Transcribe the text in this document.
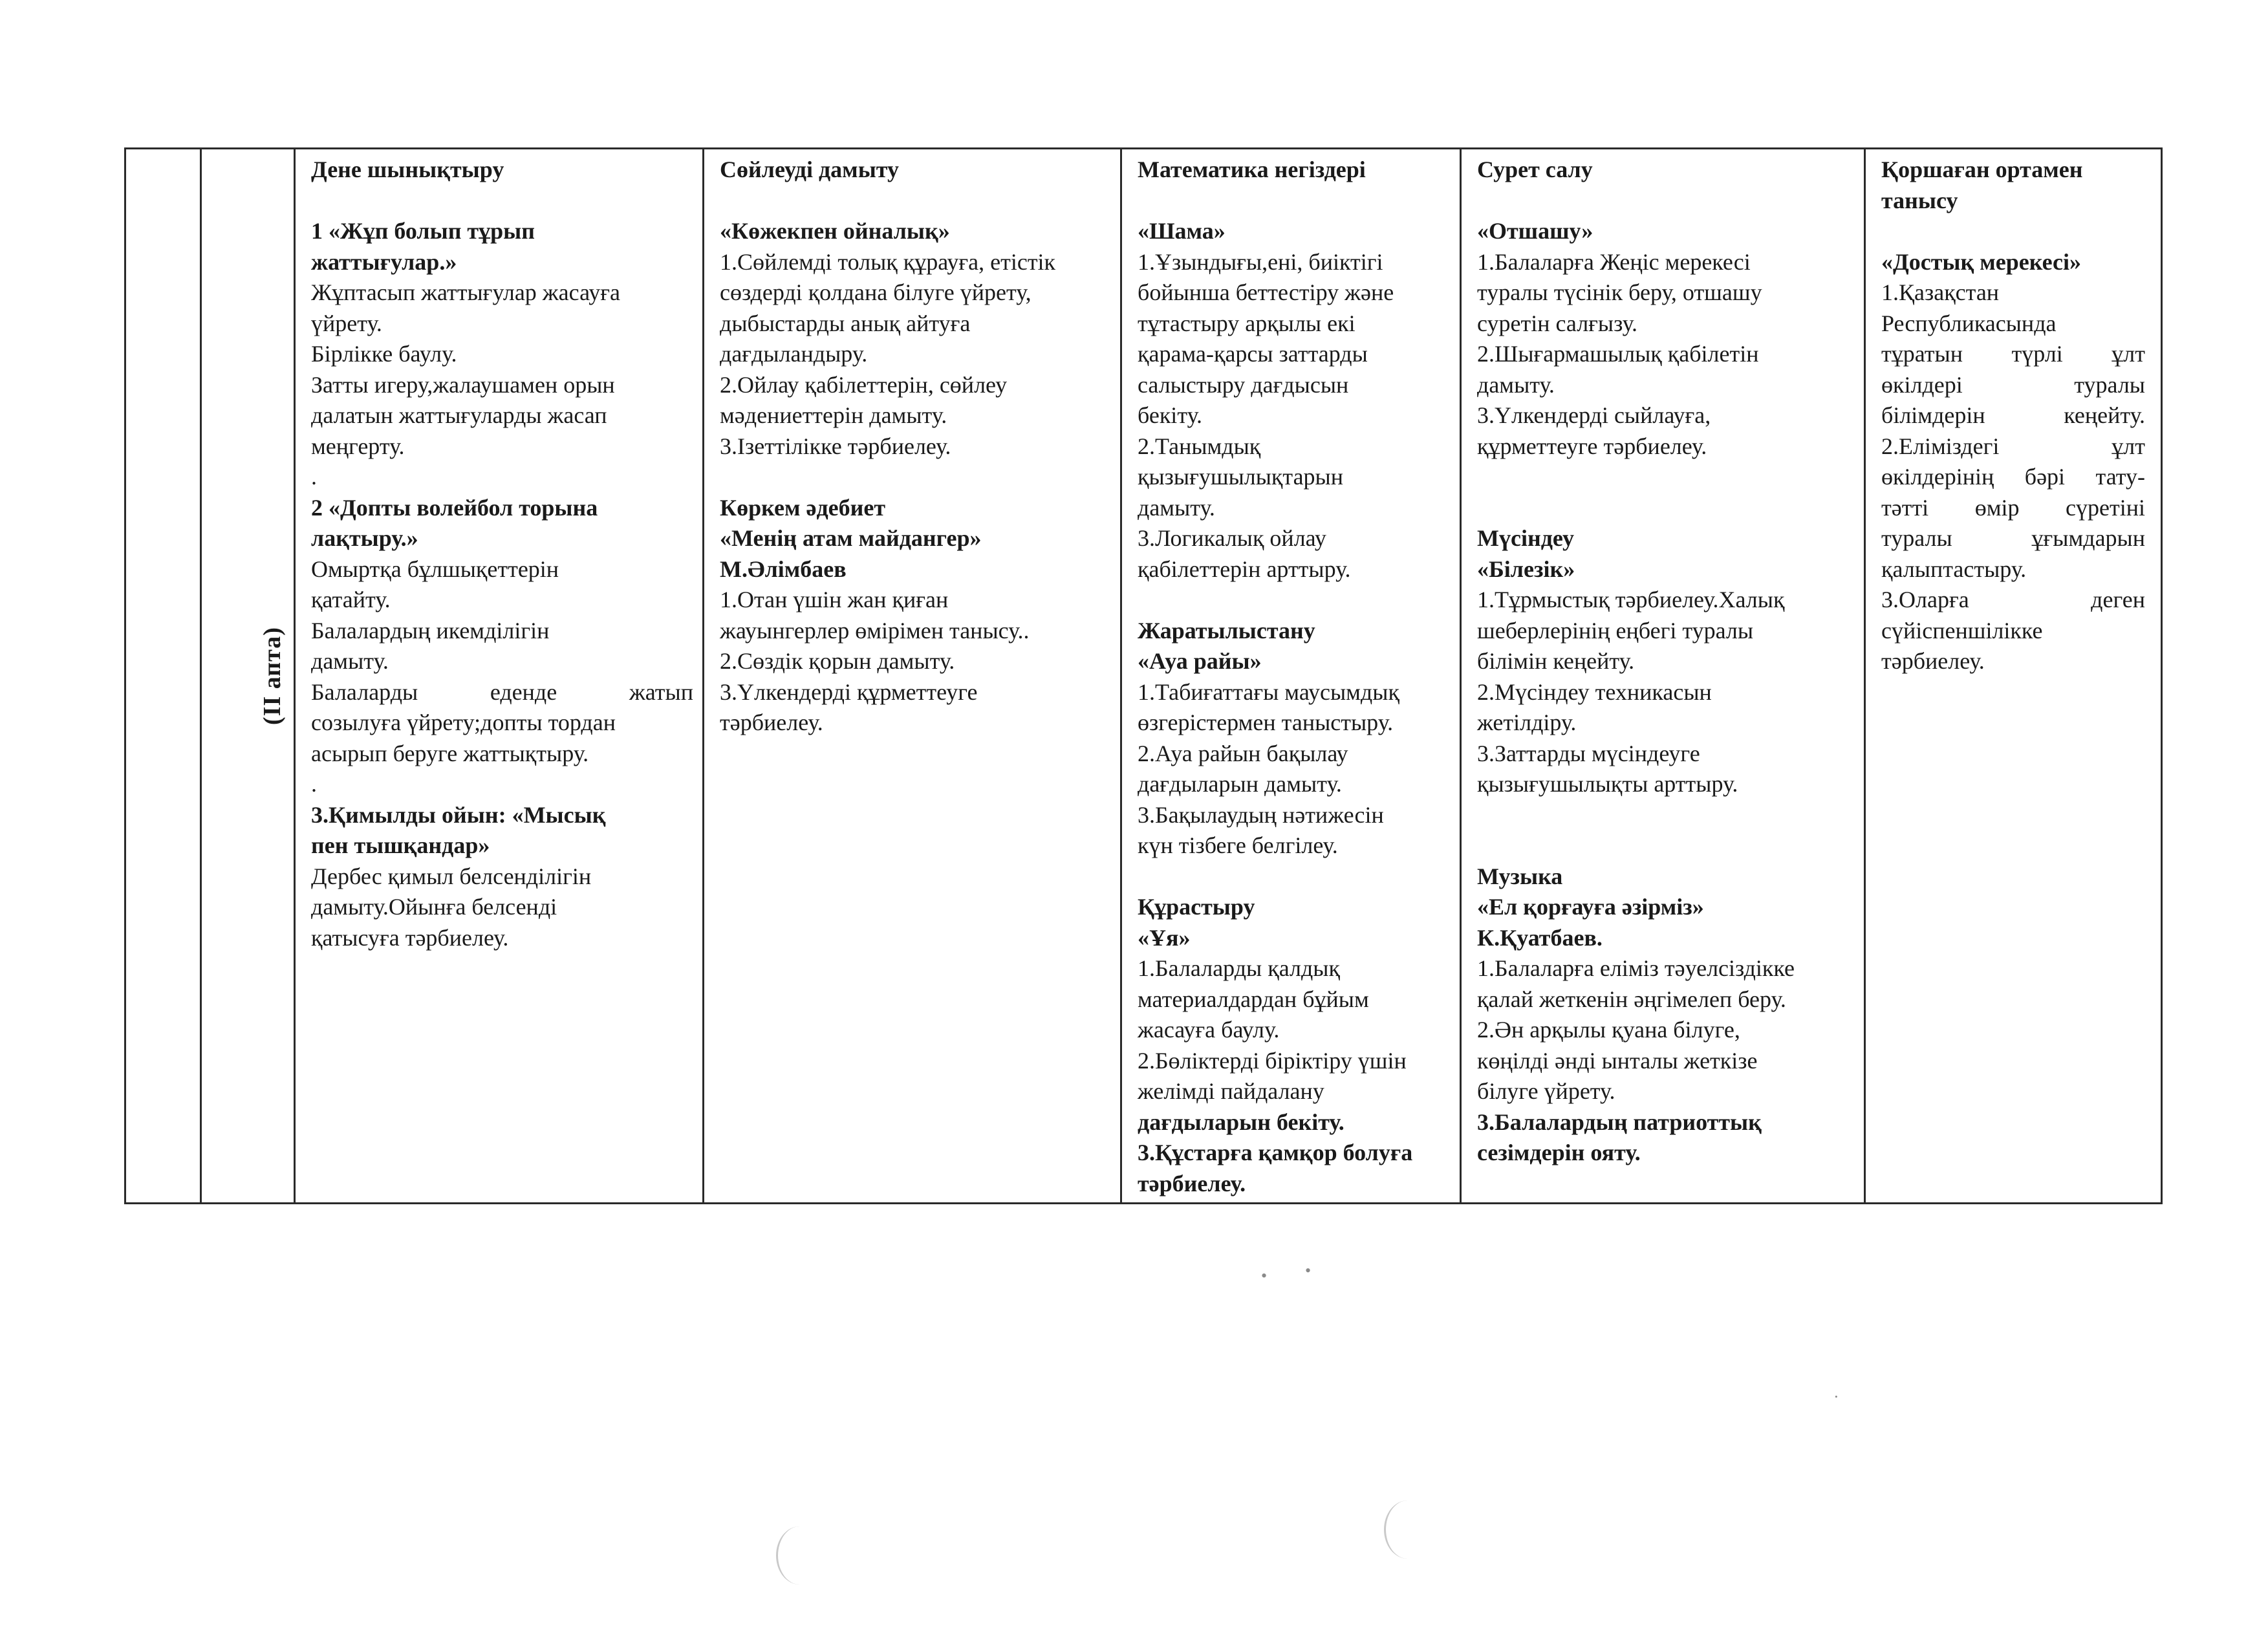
(II апта)

Дене шынықтыру

1 «Жұп болып тұрып

жаттығулар.»

Жұптасып жаттығулар жасауға

үйрету.

Бірлікке баулу.

Затты игеру,жалаушамен орын

далатын жаттығуларды жасап

меңгерту.

.

2 «Допты волейбол торына

лақтыру.»

Омыртқа бұлшықеттерін

қатайту.

Балалардың икемділігін

дамыту.

Балаларды еденде жатып

созылуға үйрету;допты тордан

асырып беруге жаттықтыру.

.

3.Қимылды ойын: «Мысық

пен тышқандар»

Дербес қимыл белсенділігін

дамыту.Ойынға белсенді

қатысуға тәрбиелеу.

Сөйлеуді дамыту

«Көжекпен ойналық»

1.Сөйлемді толық құрауға, етістік

сөздерді қолдана білуге үйрету,

дыбыстарды анық айтуға

дағдыландыру.

2.Ойлау қабілеттерін, сөйлеу

мәдениеттерін дамыту.

3.Ізеттілікке тәрбиелеу.

Көркем әдебиет

«Менің атам майдангер»

М.Әлімбаев

1.Отан үшін жан қиған

жауынгерлер өмірімен танысу..

2.Сөздік қорын дамыту.

3.Үлкендерді құрметтеуге

тәрбиелеу.

Математика негіздері

«Шама»

1.Ұзындығы,ені, биіктігі

бойынша беттестіру және

тұтастыру арқылы екі

қарама-қарсы заттарды

салыстыру дағдысын

бекіту.

2.Танымдық

қызығушылықтарын

дамыту.

3.Логикалық ойлау

қабілеттерін арттыру.

Жаратылыстану

«Ауа райы»

1.Табиғаттағы маусымдық

өзгерістермен таныстыру.

2.Ауа райын бақылау

дағдыларын дамыту.

3.Бақылаудың нәтижесін

күн тізбеге белгілеу.

Құрастыру

«Ұя»

1.Балаларды қалдық

материалдардан бұйым

жасауға баулу.

2.Бөліктерді біріктіру үшін

желімді пайдалану

дағдыларын бекіту.

3.Құстарға қамқор болуға

тәрбиелеу.

Сурет салу

«Отшашу»

1.Балаларға Жеңіс мерекесі

туралы түсінік беру, отшашу

суретін салғызу.

2.Шығармашылық қабілетін

дамыту.

3.Үлкендерді сыйлауға,

құрметтеуге тәрбиелеу.

Мүсіндеу

«Білезік»

1.Тұрмыстық тәрбиелеу.Халық

шеберлерінің еңбегі туралы

білімін кеңейту.

2.Мүсіндеу техникасын

жетілдіру.

3.Заттарды мүсіндеуге

қызығушылықты арттыру.

Музыка

«Ел қорғауға әзірміз»

К.Қуатбаев.

1.Балаларға еліміз тәуелсіздікке

қалай жеткенін әңгімелеп беру.

2.Ән арқылы қуана білуге,

көңілді әнді ынталы жеткізе

білуге үйрету.

3.Балалардың патриоттық

сезімдерін ояту.

Қоршаған ортамен

танысу

«Достық мерекесі»

1.Қазақстан

Республикасында

тұратын түрлі ұлт

өкілдері туралы

білімдерін кеңейту.

2.Еліміздегі ұлт

өкілдерінің бәрі тату-

тәтті өмір сүретіні

туралы ұғымдарын

қалыптастыру.

3.Оларға деген

сүйіспеншілікке

тәрбиелеу.

• •
·
